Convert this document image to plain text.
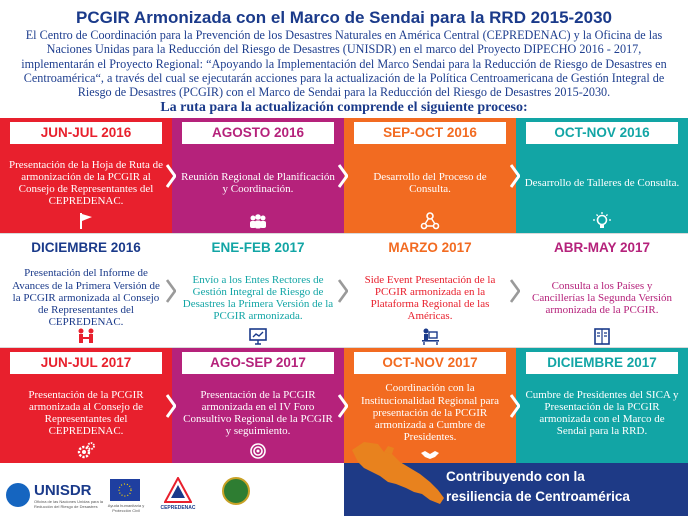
PCGIR Armonizada con el Marco de Sendai para la RRD 2015-2030
El Centro de Coordinación para la Prevención de los Desastres Naturales en América Central (CEPREDENAC) y la Oficina de las Naciones Unidas para la Reducción del Riesgo de Desastres (UNISDR) en el marco del Proyecto DIPECHO 2016 - 2017, implementarán el Proyecto Regional: “Apoyando la Implementación del Marco Sendai para la Reducción de Riesgo de Desastres en Centroamérica“, a través del cual se ejecutarán acciones para la actualización de la Política Centroamericana de Gestión Integral de Riesgo de Desastres (PCGIR) con el Marco de Sendai para la Reducción del Riesgo de Desastres 2015-2030.
La ruta para la actualización comprende el siguiente proceso:
JUN-JUL 2016
Presentación de la Hoja de Ruta de armonización de la PCGIR al Consejo de Representantes del CEPREDENAC.
AGOSTO 2016
Reunión Regional de Planificación y Coordinación.
SEP-OCT 2016
Desarrollo del Proceso de Consulta.
OCT-NOV 2016
Desarrollo de Talleres de Consulta.
DICIEMBRE 2016
Presentación del Informe de Avances de la Primera Versión de la PCGIR armonizada al Consejo de Representantes del CEPREDENAC.
ENE-FEB 2017
Envío a los Entes Rectores de Gestión Integral de Riesgo de Desastres la Primera Versión de la PCGIR armonizada.
MARZO 2017
Side Event Presentación de la PCGIR armonizada en la Plataforma Regional de las Américas.
ABR-MAY 2017
Consulta a los Países y Cancillerías la Segunda Versión armonizada de la PCGIR.
JUN-JUL 2017
Presentación de la PCGIR armonizada al Consejo de Representantes del CEPREDENAC.
AGO-SEP 2017
Presentación de la PCGIR armonizada en el IV Foro Consultivo Regional de la PCGIR y seguimiento.
OCT-NOV 2017
Coordinación con la Institucionalidad Regional para presentación de la PCGIR armonizada a Cumbre de Presidentes.
DICIEMBRE 2017
Cumbre de Presidentes del SICA y Presentación de la PCGIR armonizada con el Marco de Sendai para la RRD.
UNISDR
Oficina de las Naciones Unidas para la Reducción del Riesgo de Desastres	Ayuda humanitaria y Protección Civil	CEPREDENAC
Contribuyendo con la
resiliencia de Centroamérica
